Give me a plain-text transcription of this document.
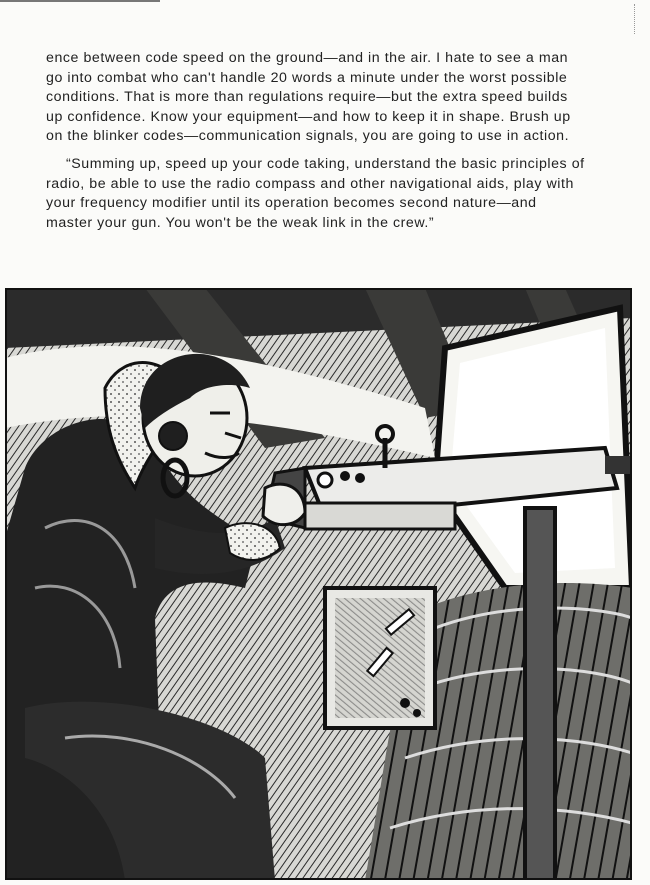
ence between code speed on the ground—and in the air. I hate to see a man go into combat who can't handle 20 words a minute under the worst possible conditions. That is more than regulations require—but the extra speed builds up confidence. Know your equipment—and how to keep it in shape. Brush up on the blinker codes—communication signals, you are going to use in action.

“Summing up, speed up your code taking, understand the basic principles of radio, be able to use the radio compass and other navigational aids, play with your frequency modifier until its operation becomes second nature—and master your gun. You won't be the weak link in the crew.”
